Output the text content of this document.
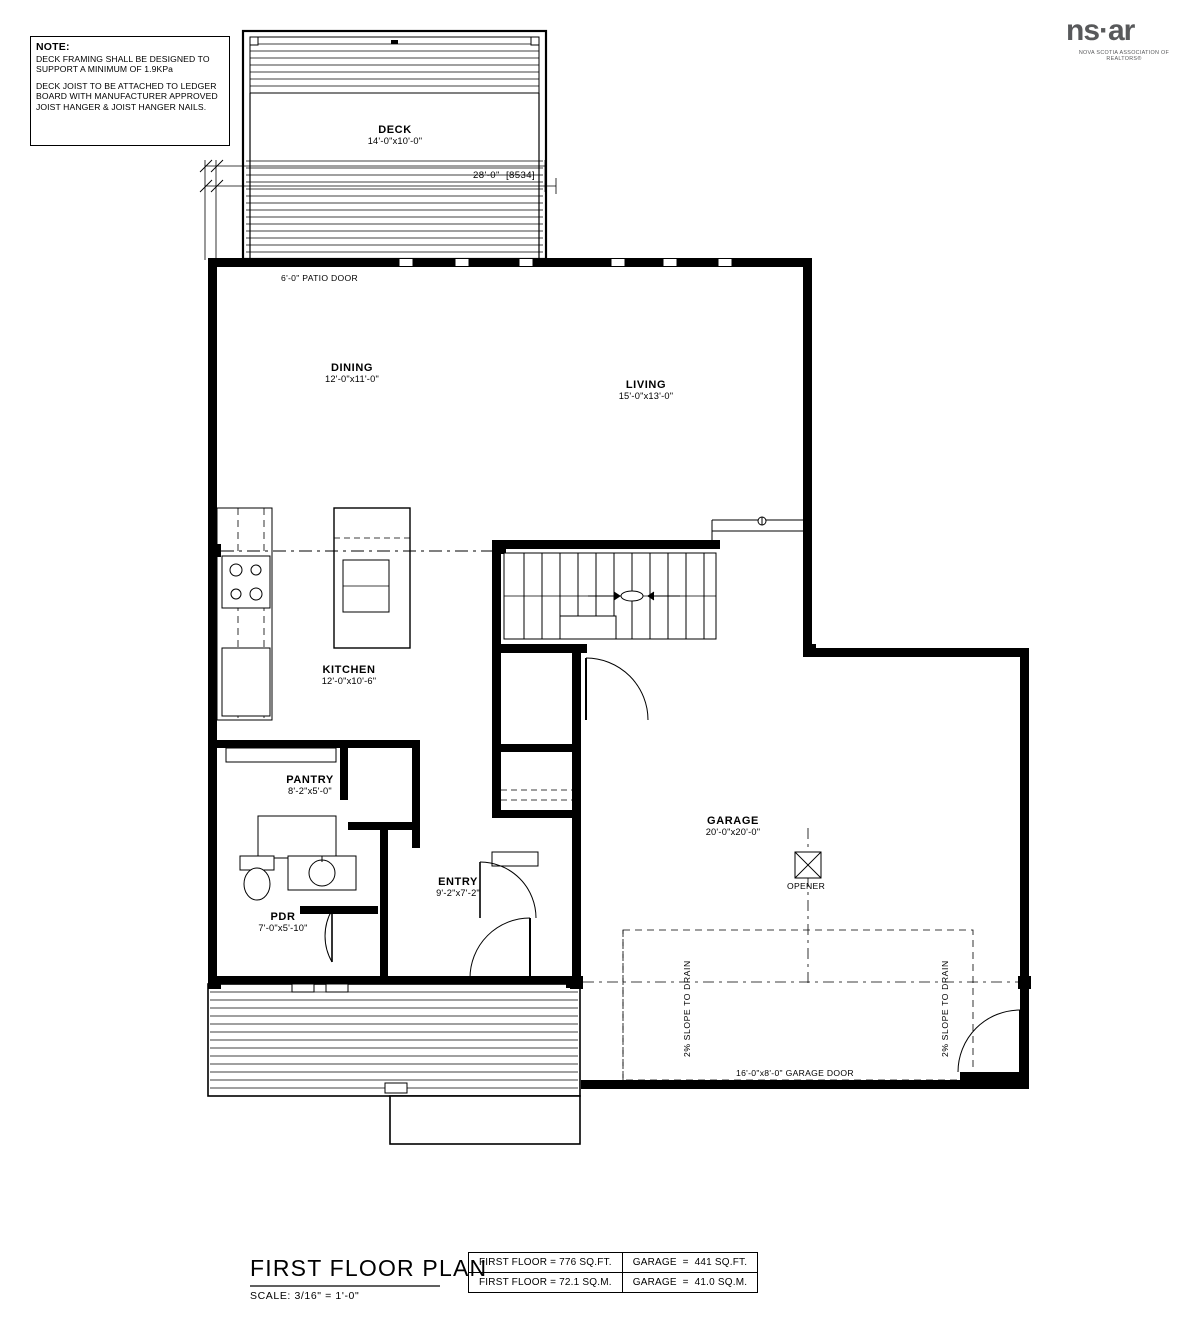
NOTE:
DECK FRAMING SHALL BE DESIGNED TO SUPPORT A MINIMUM OF 1.9KPa
DECK JOIST TO BE ATTACHED TO LEDGER BOARD WITH MANUFACTURER APPROVED JOIST HANGER & JOIST HANGER NAILS.
ns·ar
NOVA SCOTIA ASSOCIATION OF REALTORS®
DECK
14'-0"x10'-0"
DINING
12'-0"x11'-0"	LIVING
15'-0"x13'-0"
KITCHEN
12'-0"x10'-6"
PANTRY
8'-2"x5'-0"
PDR
7'-0"x5'-10"
ENTRY
9'-2"x7'-2"
GARAGE
20'-0"x20'-0"
28'-0"  [8534]
6'-0" PATIO DOOR
16'-0"x8'-0" GARAGE DOOR
OPENER
2% SLOPE TO DRAIN	2% SLOPE TO DRAIN
FIRST FLOOR PLAN
SCALE: 3/16" = 1'-0"
FIRST FLOOR = 776 SQ.FT.	GARAGE  =  441 SQ.FT.
FIRST FLOOR = 72.1 SQ.M.	GARAGE  =  41.0 SQ.M.
